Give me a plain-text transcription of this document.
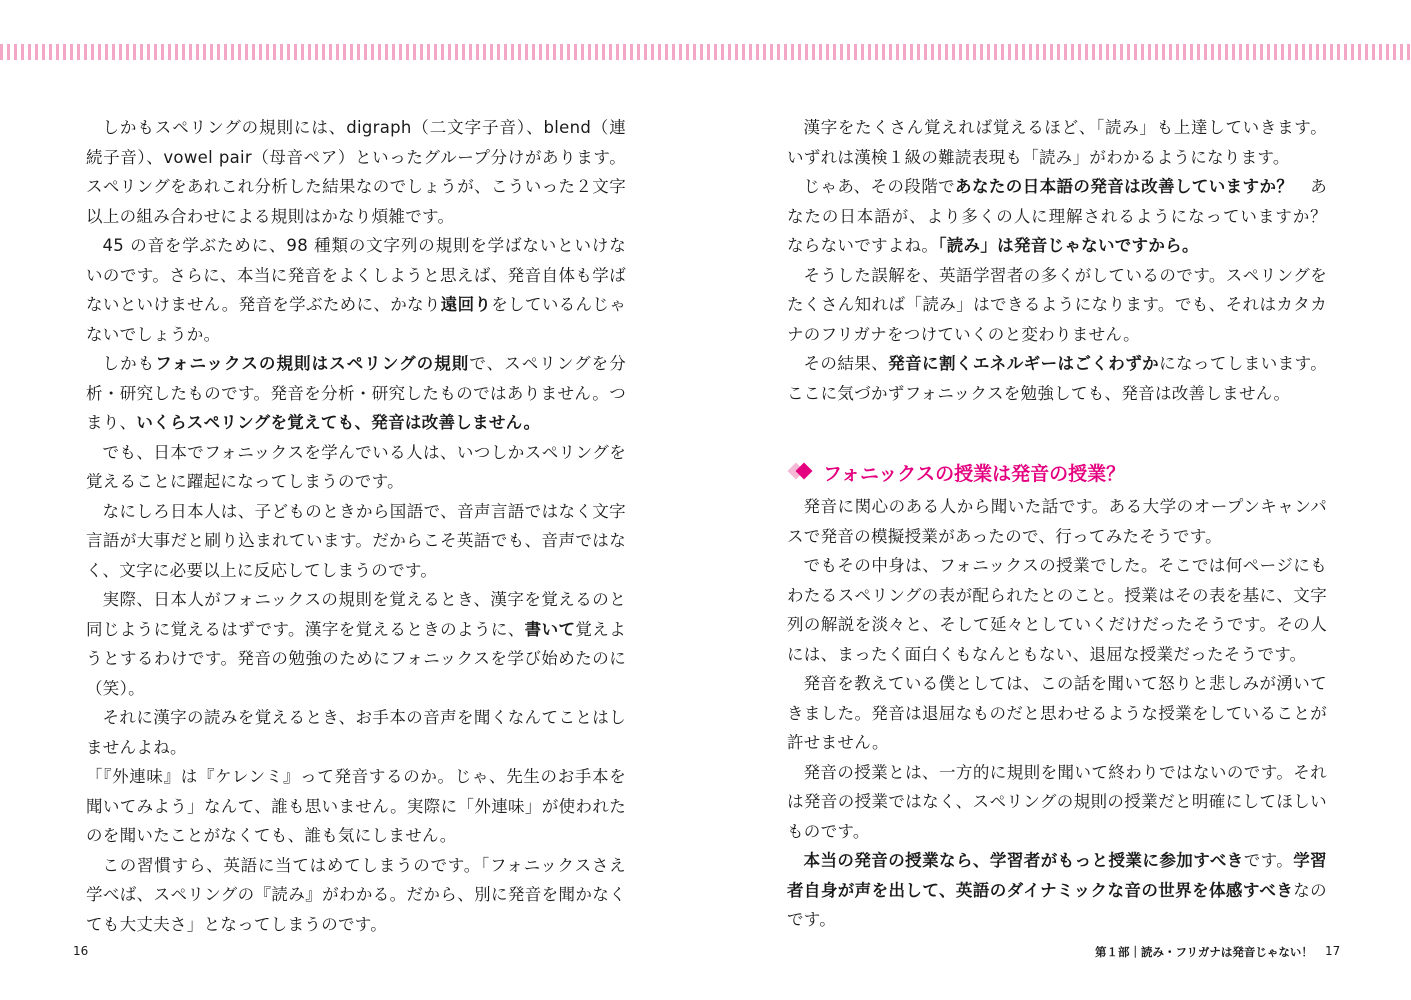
しかもスペリングの規則には、digraph（二文字子音）、blend（連続子音）、vowel pair（母音ペア）といったグループ分けがあります。スペリングをあれこれ分析した結果なのでしょうが、こういった２文字以上の組み合わせによる規則はかなり煩雑です。

45 の音を学ぶために、98 種類の文字列の規則を学ばないといけないのです。さらに、本当に発音をよくしようと思えば、発音自体も学ばないといけません。発音を学ぶために、かなり遠回りをしているんじゃないでしょうか。

しかもフォニックスの規則はスペリングの規則で、スペリングを分析・研究したものです。発音を分析・研究したものではありません。つまり、いくらスペリングを覚えても、発音は改善しません。

でも、日本でフォニックスを学んでいる人は、いつしかスペリングを覚えることに躍起になってしまうのです。

なにしろ日本人は、子どものときから国語で、音声言語ではなく文字言語が大事だと刷り込まれています。だからこそ英語でも、音声ではなく、文字に必要以上に反応してしまうのです。

実際、日本人がフォニックスの規則を覚えるとき、漢字を覚えるのと同じように覚えるはずです。漢字を覚えるときのように、書いて覚えようとするわけです。発音の勉強のためにフォニックスを学び始めたのに（笑）。

それに漢字の読みを覚えるとき、お手本の音声を聞くなんてことはしませんよね。

「『外連味』は『ケレンミ』って発音するのか。じゃ、先生のお手本を聞いてみよう」なんて、誰も思いません。実際に「外連味」が使われたのを聞いたことがなくても、誰も気にしません。

この習慣すら、英語に当てはめてしまうのです。「フォニックスさえ学べば、スペリングの『読み』がわかる。だから、別に発音を聞かなくても大丈夫さ」となってしまうのです。

漢字をたくさん覚えれば覚えるほど、「読み」も上達していきます。いずれは漢検１級の難読表現も「読み」がわかるようになります。

じゃあ、その段階であなたの日本語の発音は改善していますか？　あなたの日本語が、より多くの人に理解されるようになっていますか？ ならないですよね。「読み」は発音じゃないですから。

そうした誤解を、英語学習者の多くがしているのです。スペリングをたくさん知れば「読み」はできるようになります。でも、それはカタカナのフリガナをつけていくのと変わりません。

その結果、発音に割くエネルギーはごくわずかになってしまいます。ここに気づかずフォニックスを勉強しても、発音は改善しません。

フォニックスの授業は発音の授業？

発音に関心のある人から聞いた話です。ある大学のオープンキャンパスで発音の模擬授業があったので、行ってみたそうです。

でもその中身は、フォニックスの授業でした。そこでは何ページにもわたるスペリングの表が配られたとのこと。授業はその表を基に、文字列の解説を淡々と、そして延々としていくだけだったそうです。その人には、まったく面白くもなんともない、退屈な授業だったそうです。

発音を教えている僕としては、この話を聞いて怒りと悲しみが湧いてきました。発音は退屈なものだと思わせるような授業をしていることが許せません。

発音の授業とは、一方的に規則を聞いて終わりではないのです。それは発音の授業ではなく、スペリングの規則の授業だと明確にしてほしいものです。

本当の発音の授業なら、学習者がもっと授業に参加すべきです。学習者自身が声を出して、英語のダイナミックな音の世界を体感すべきなのです。

16	第１部｜読み・フリガナは発音じゃない！ 17
